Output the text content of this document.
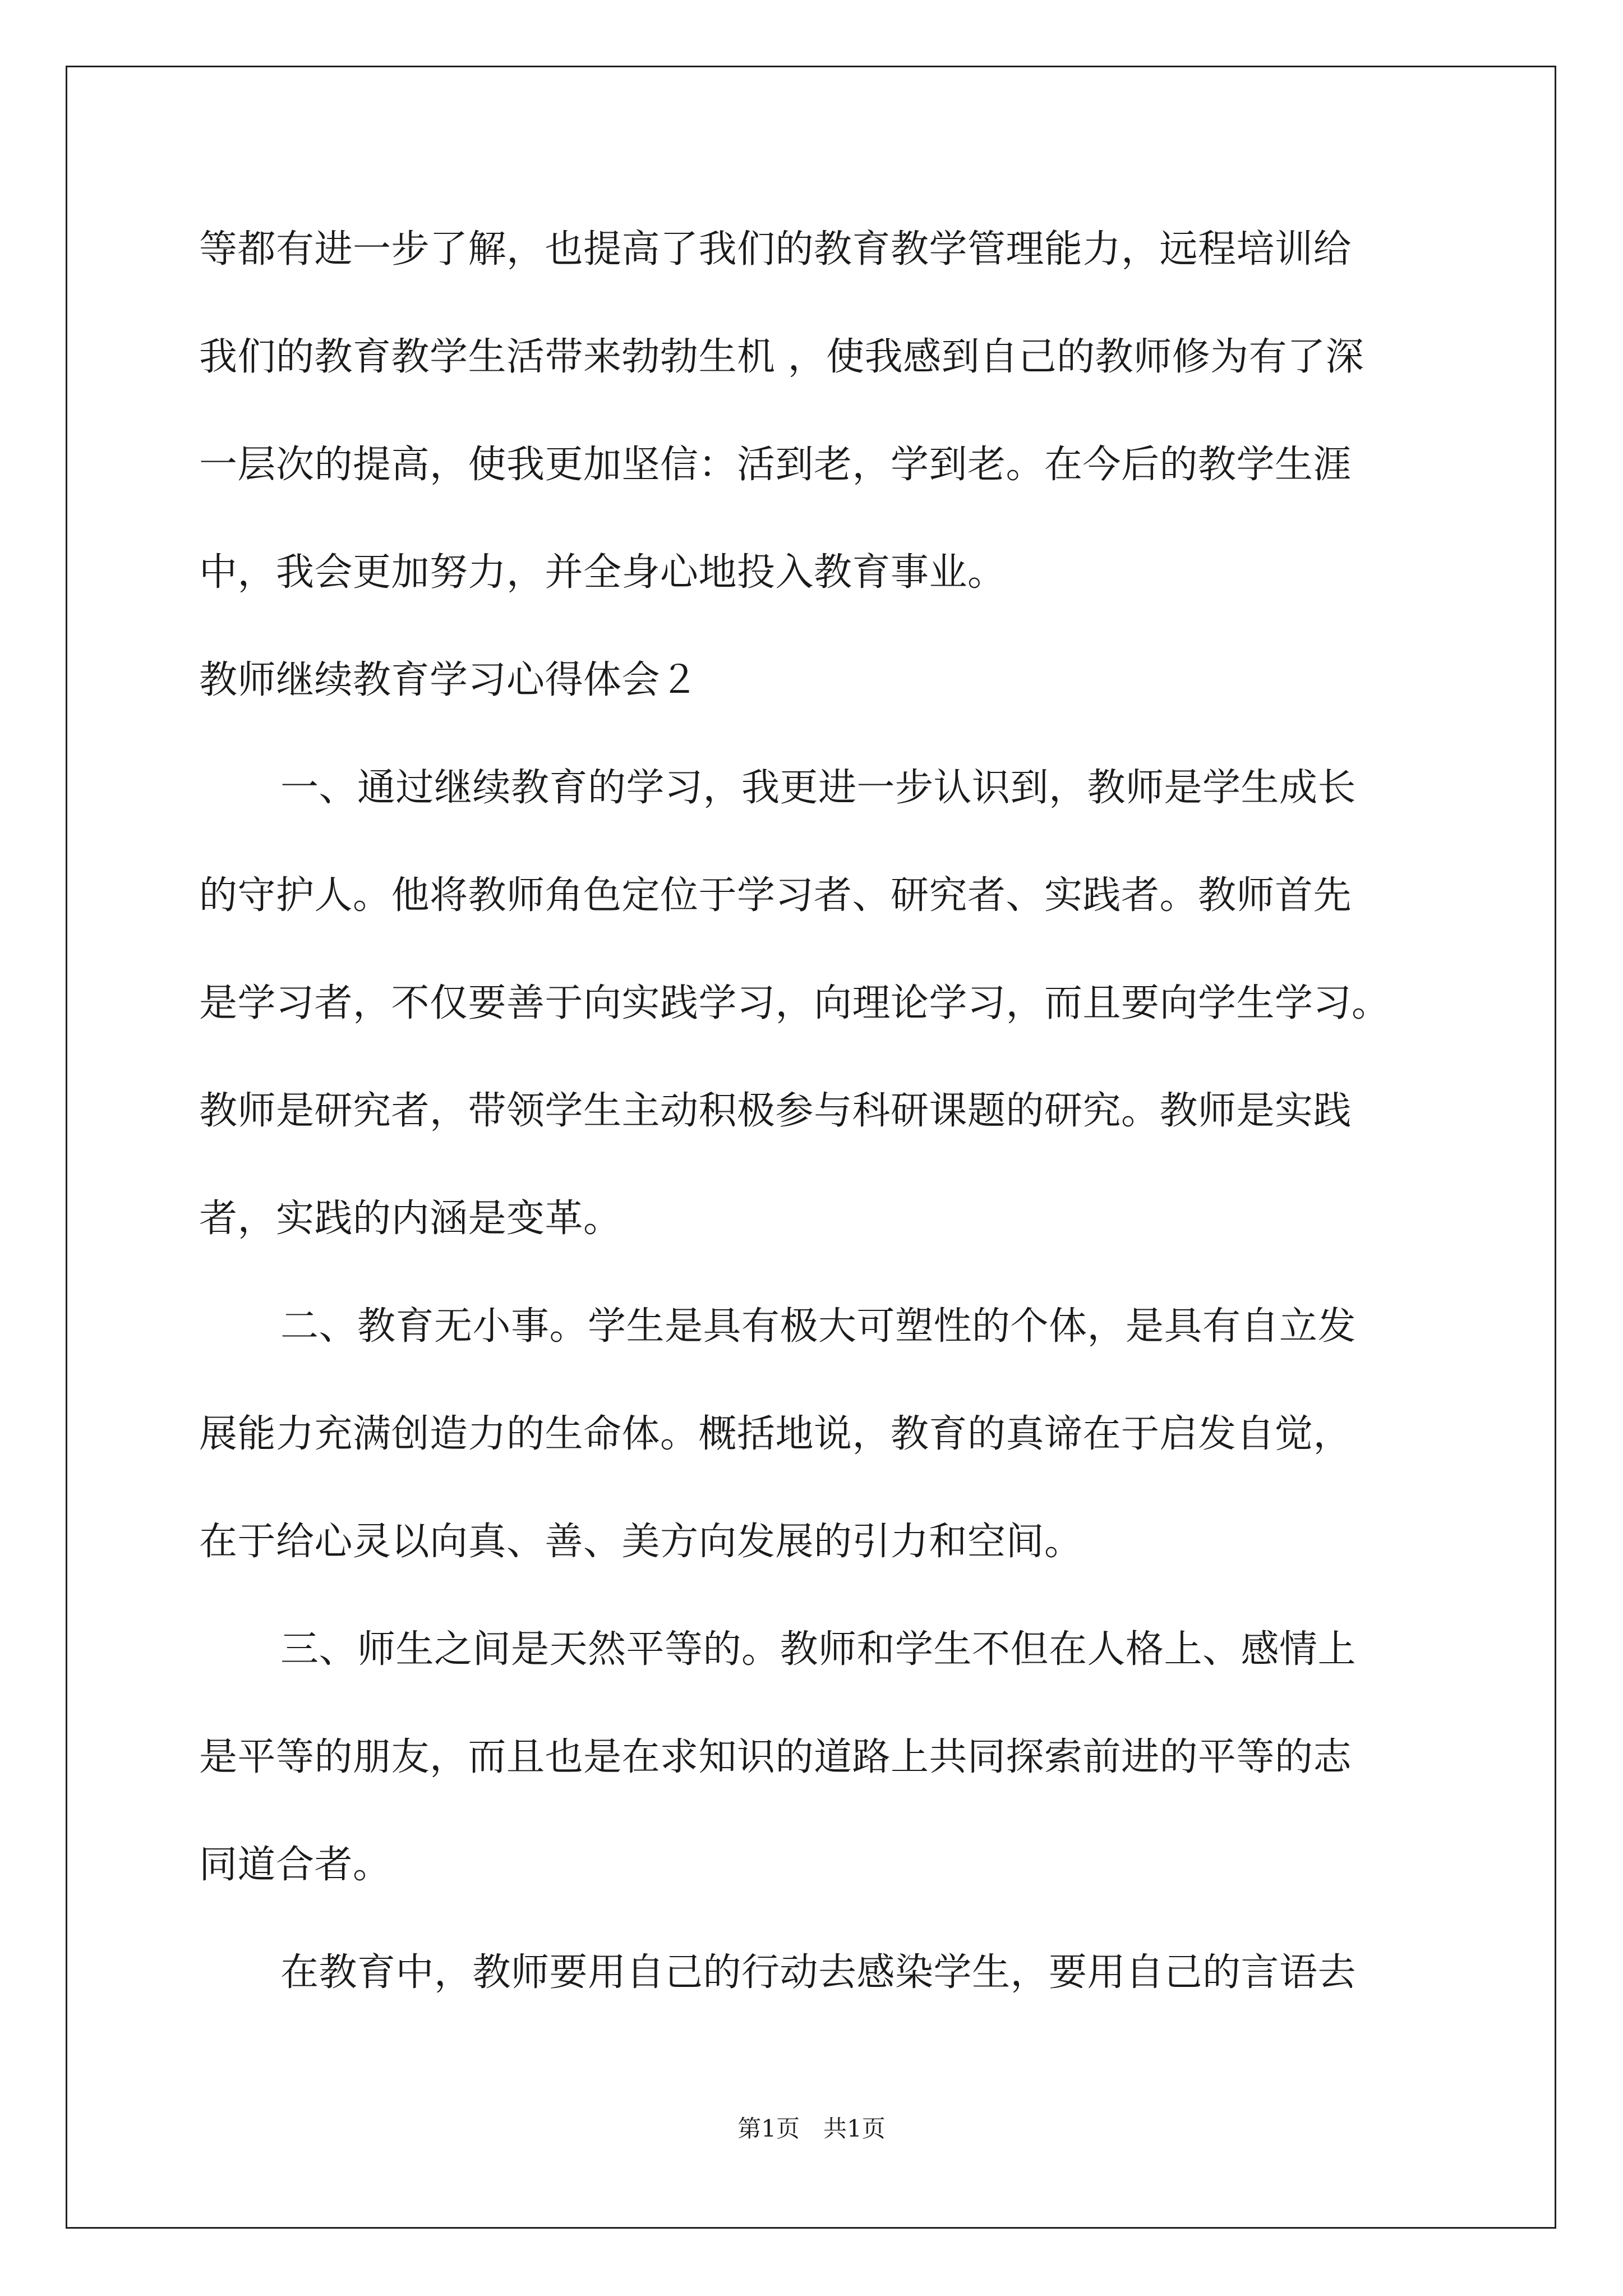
等都有进一步了解，也提高了我们的教育教学管理能力，远程培训给
我们的教育教学生活带来勃勃生机 ，使我感到自己的教师修为有了深
一层次的提高，使我更加坚信：活到老，学到老。在今后的教学生涯
中，我会更加努力，并全身心地投入教育事业。
教师继续教育学习心得体会２
一、通过继续教育的学习，我更进一步认识到，教师是学生成长
的守护人。他将教师角色定位于学习者、研究者、实践者。教师首先
是学习者，不仅要善于向实践学习，向理论学习，而且要向学生学习。
教师是研究者，带领学生主动积极参与科研课题的研究。教师是实践
者，实践的内涵是变革。
二、教育无小事。学生是具有极大可塑性的个体，是具有自立发
展能力充满创造力的生命体。概括地说，教育的真谛在于启发自觉，
在于给心灵以向真、善、美方向发展的引力和空间。
三、师生之间是天然平等的。教师和学生不但在人格上、感情上
是平等的朋友，而且也是在求知识的道路上共同探索前进的平等的志
同道合者。
在教育中，教师要用自己的行动去感染学生，要用自己的言语去
第1页　共1页
